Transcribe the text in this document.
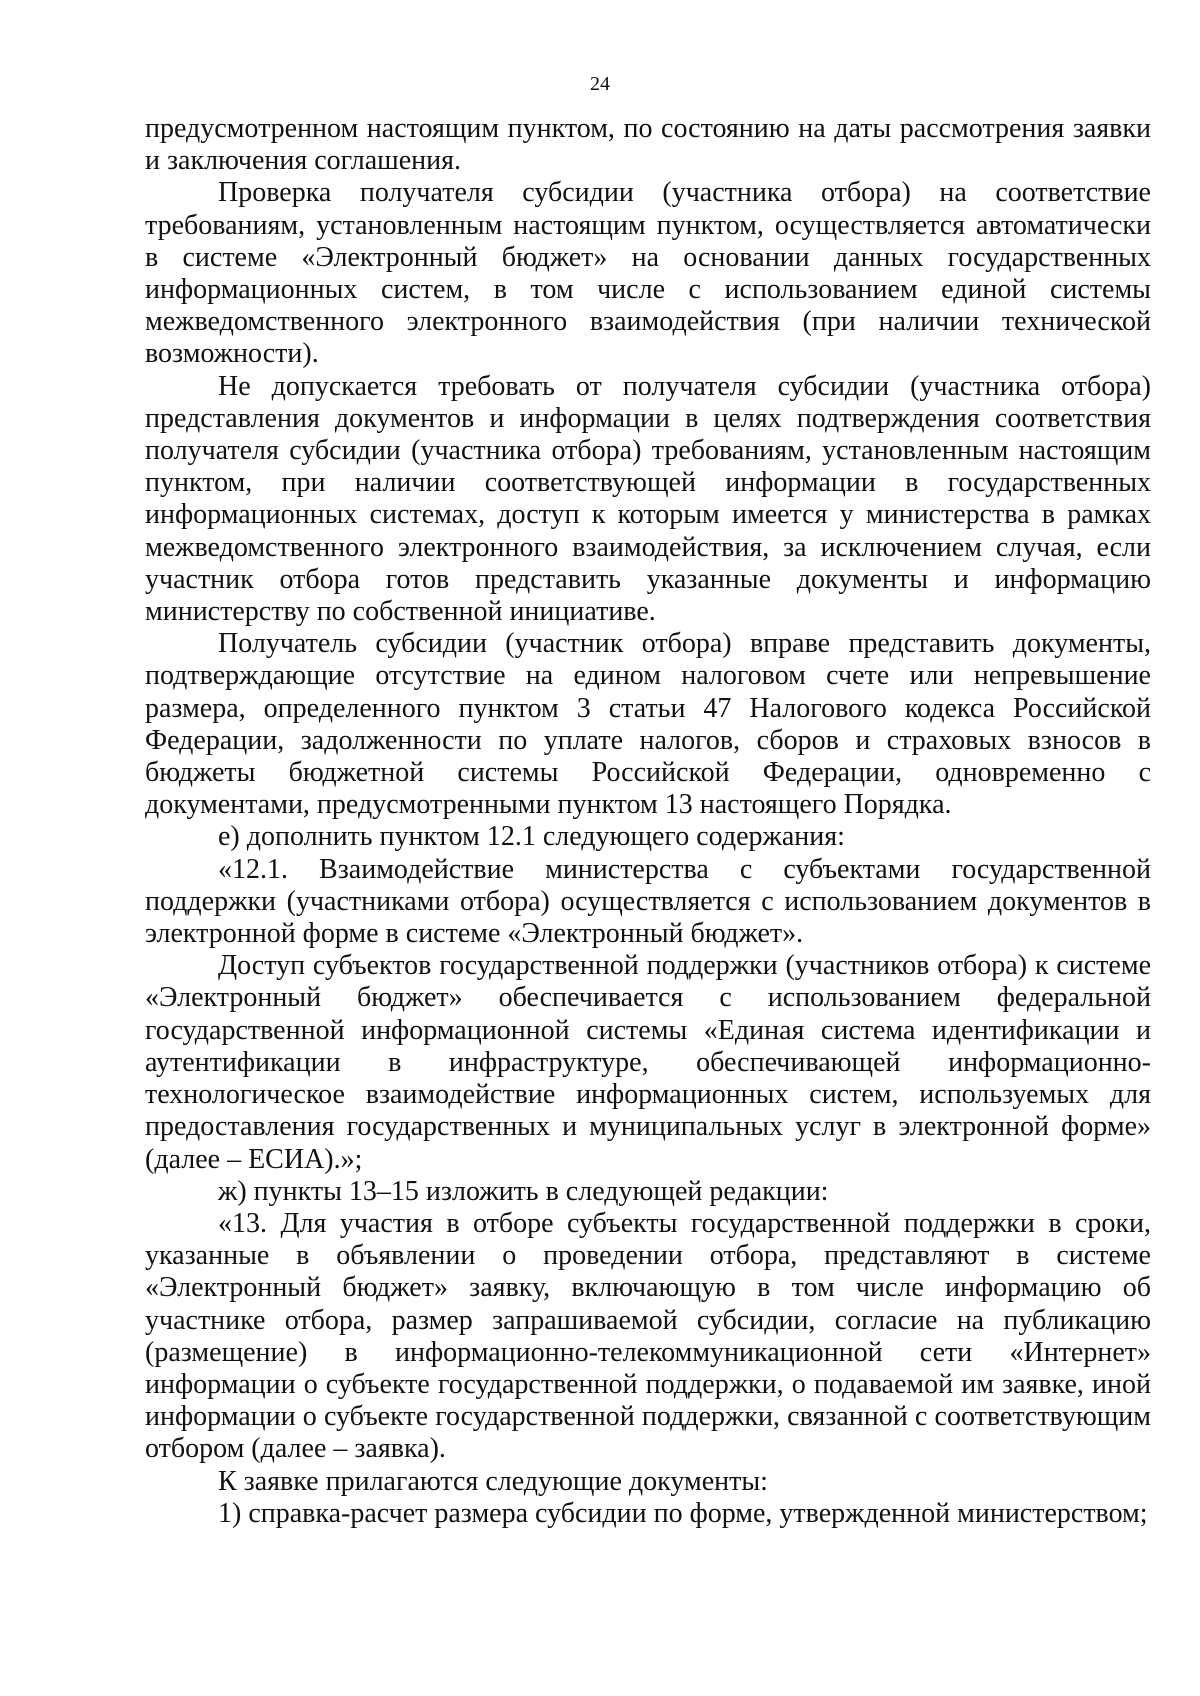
24

предусмотренном настоящим пунктом, по состоянию на даты рассмотрения заявки и заключения соглашения.

Проверка получателя субсидии (участника отбора) на соответствие требованиям, установленным настоящим пунктом, осуществляется автоматически в системе «Электронный бюджет» на основании данных государственных информационных систем, в том числе с использованием единой системы межведомственного электронного взаимодействия (при наличии технической возможности).

Не допускается требовать от получателя субсидии (участника отбора) представления документов и информации в целях подтверждения соответствия получателя субсидии (участника отбора) требованиям, установленным настоящим пунктом, при наличии соответствующей информации в государственных информационных системах, доступ к которым имеется у министерства в рамках межведомственного электронного взаимодействия, за исключением случая, если участник отбора готов представить указанные документы и информацию министерству по собственной инициативе.

Получатель субсидии (участник отбора) вправе представить документы, подтверждающие отсутствие на едином налоговом счете или непревышение размера, определенного пунктом 3 статьи 47 Налогового кодекса Российской Федерации, задолженности по уплате налогов, сборов и страховых взносов в бюджеты бюджетной системы Российской Федерации, одновременно с документами, предусмотренными пунктом 13 настоящего Порядка.

е) дополнить пунктом 12.1 следующего содержания:

«12.1. Взаимодействие министерства с субъектами государственной поддержки (участниками отбора) осуществляется с использованием документов в электронной форме в системе «Электронный бюджет».

Доступ субъектов государственной поддержки (участников отбора) к системе «Электронный бюджет» обеспечивается с использованием федеральной государственной информационной системы «Единая система идентификации и аутентификации в инфраструктуре, обеспечивающей информационно-технологическое взаимодействие информационных систем, используемых для предоставления государственных и муниципальных услуг в электронной форме» (далее – ЕСИА).»;

ж) пункты 13–15 изложить в следующей редакции:

«13. Для участия в отборе субъекты государственной поддержки в сроки, указанные в объявлении о проведении отбора, представляют в системе «Электронный бюджет» заявку, включающую в том числе информацию об участнике отбора, размер запрашиваемой субсидии, согласие на публикацию (размещение) в информационно-телекоммуникационной сети «Интернет» информации о субъекте государственной поддержки, о подаваемой им заявке, иной информации о субъекте государственной поддержки, связанной с соответствующим отбором (далее – заявка).

К заявке прилагаются следующие документы:

1) справка-расчет размера субсидии по форме, утвержденной министерством;
